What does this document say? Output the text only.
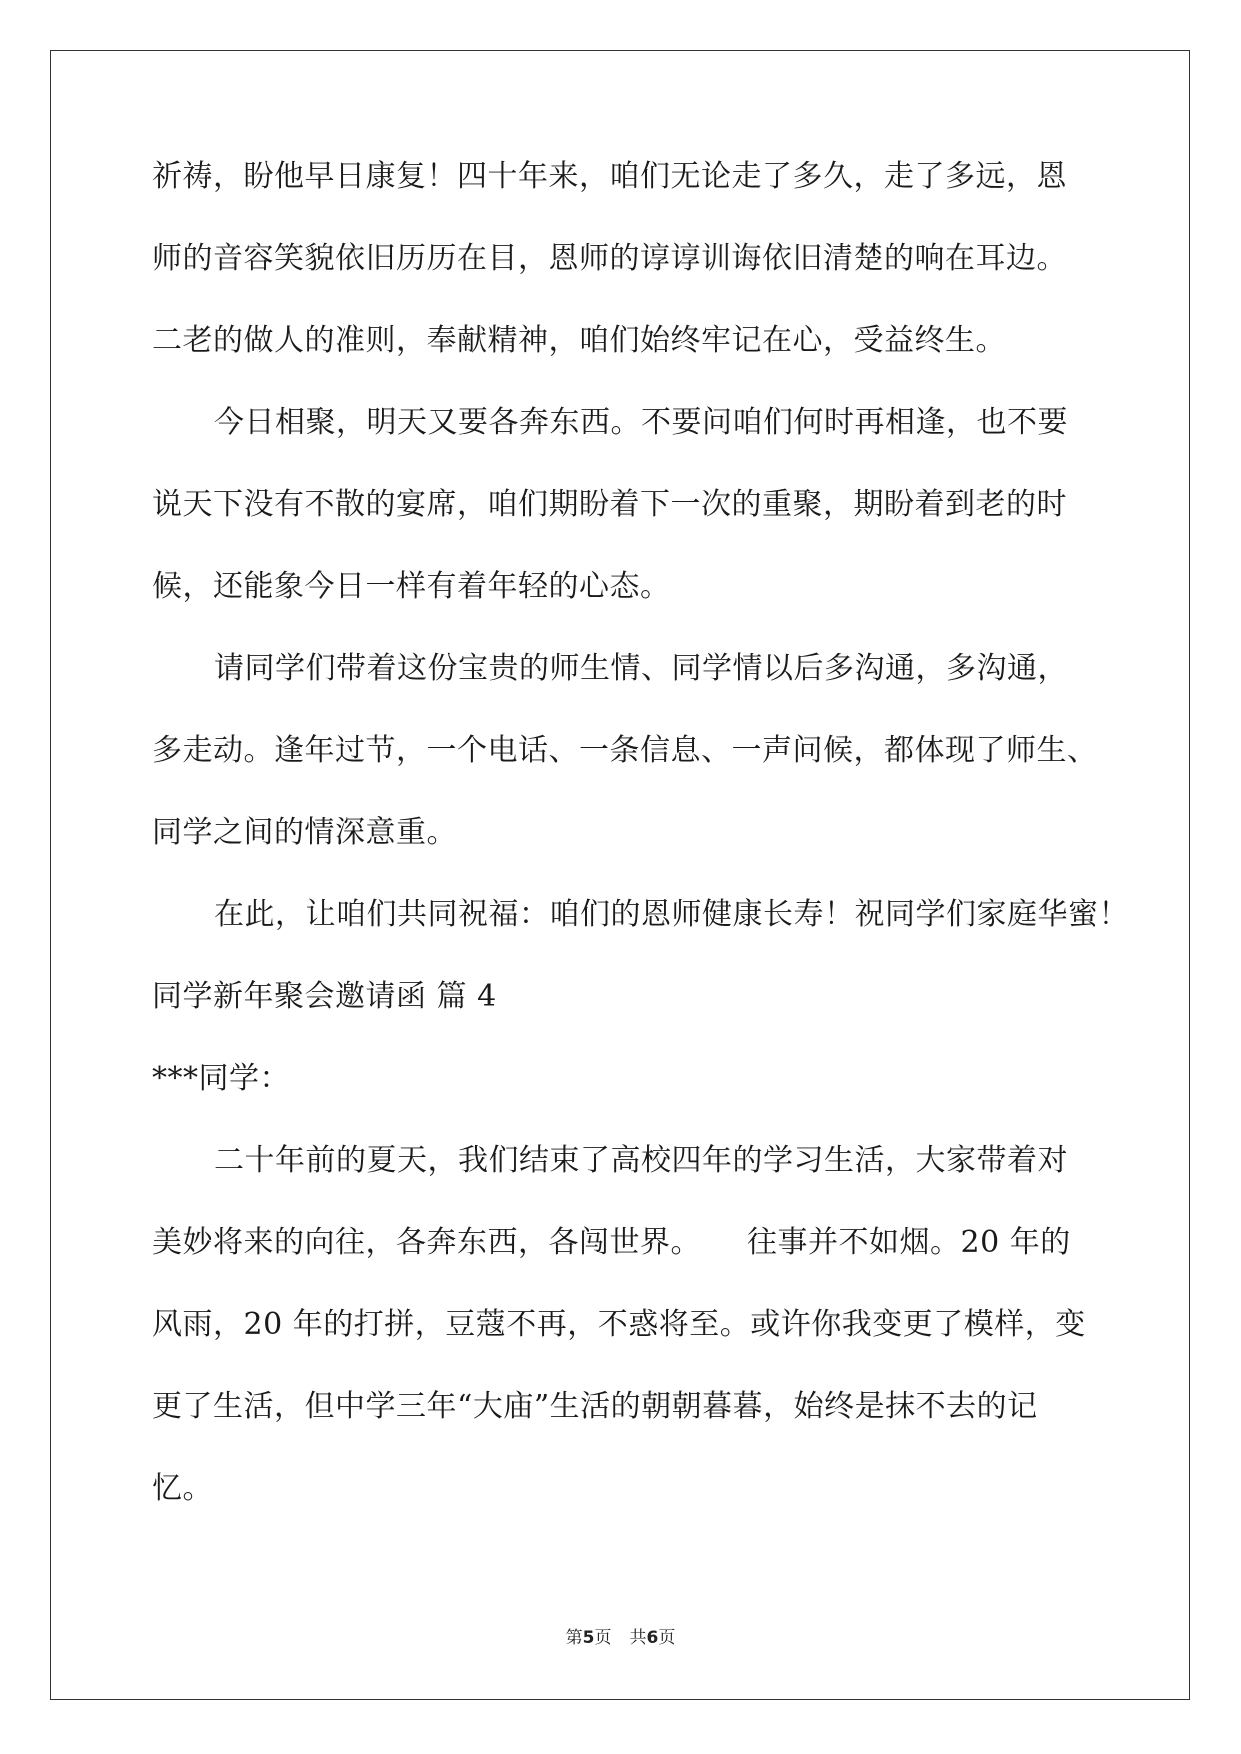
祈祷，盼他早日康复！四十年来，咱们无论走了多久，走了多远，恩
师的音容笑貌依旧历历在目，恩师的谆谆训诲依旧清楚的响在耳边。
二老的做人的准则，奉献精神，咱们始终牢记在心，受益终生。
今日相聚，明天又要各奔东西。不要问咱们何时再相逢，也不要
说天下没有不散的宴席，咱们期盼着下一次的重聚，期盼着到老的时
候，还能象今日一样有着年轻的心态。
请同学们带着这份宝贵的师生情、同学情以后多沟通，多沟通，
多走动。逢年过节，一个电话、一条信息、一声问候，都体现了师生、
同学之间的情深意重。
在此，让咱们共同祝福：咱们的恩师健康长寿！祝同学们家庭华蜜！
同学新年聚会邀请函 篇 4
***同学：
二十年前的夏天，我们结束了高校四年的学习生活，大家带着对
美妙将来的向往，各奔东西，各闯世界。　　往事并不如烟。20 年的
风雨，20 年的打拼，豆蔻不再，不惑将至。或许你我变更了模样，变
更了生活，但中学三年“大庙”生活的朝朝暮暮，始终是抹不去的记
忆。
第5页 共6页
